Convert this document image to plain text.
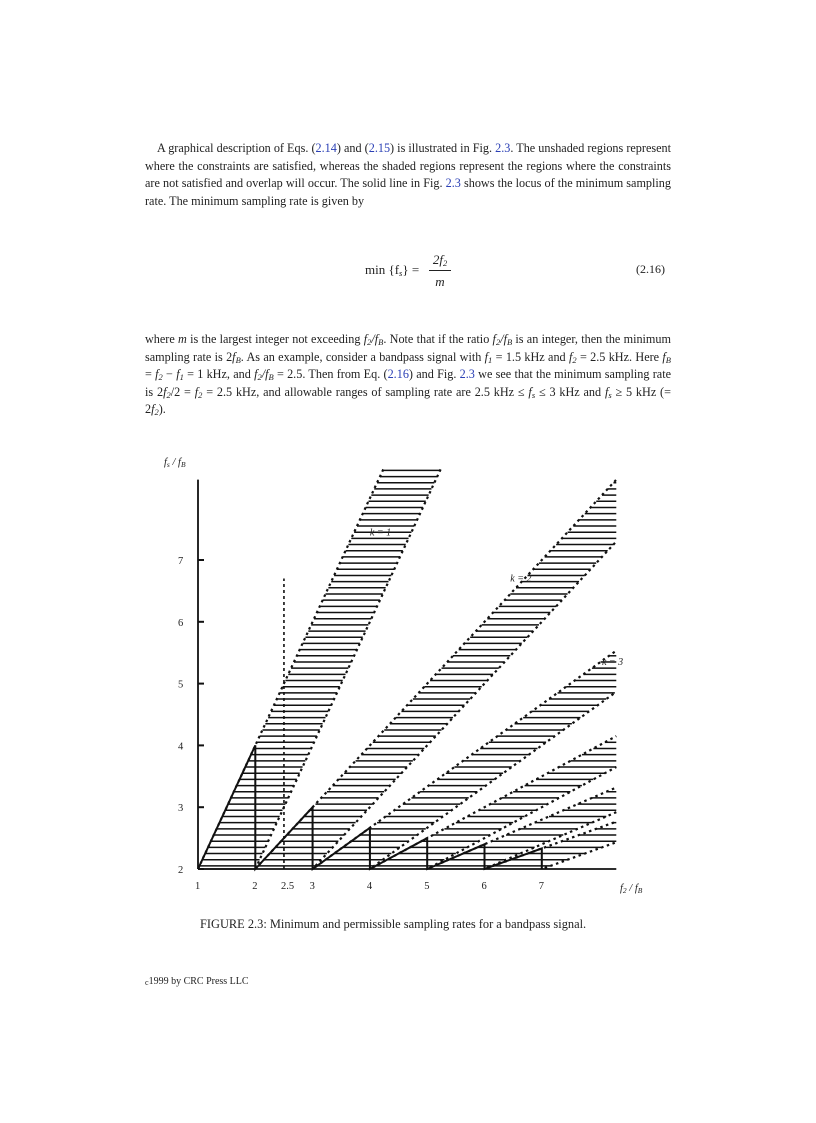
A graphical description of Eqs. (2.14) and (2.15) is illustrated in Fig. 2.3. The unshaded regions represent where the constraints are satisfied, whereas the shaded regions represent the regions where the constraints are not satisfied and overlap will occur. The solid line in Fig. 2.3 shows the locus of the minimum sampling rate. The minimum sampling rate is given by

$\min \{f_s\} = \frac{2f_2}{m}$	(2.16)

where m is the largest integer not exceeding $f_2/f_B$. Note that if the ratio $f_2/f_B$ is an integer, then the minimum sampling rate is $2f_B$. As an example, consider a bandpass signal with $f_1 = 1.5$ kHz and $f_2 = 2.5$ kHz. Here $f_B = f_2 - f_1 = 1$ kHz, and $f_2/f_B = 2.5$. Then from Eq. (2.16) and Fig. 2.3 we see that the minimum sampling rate is $2f_2/2 = f_2 = 2.5$ kHz, and allowable ranges of sampling rate are 2.5 kHz ≤ $f_s \le 3$ kHz and $f_s \ge 5$ kHz (= $2f_2$).

2
3
4
5
6
7
1	2 2.5 3	4	5	6	7
fs / fB
f2 / fB
k = 1
k = 2
k = 3
FIGURE 2.3: Minimum and permissible sampling rates for a bandpass signal.
c1999 by CRC Press LLC
